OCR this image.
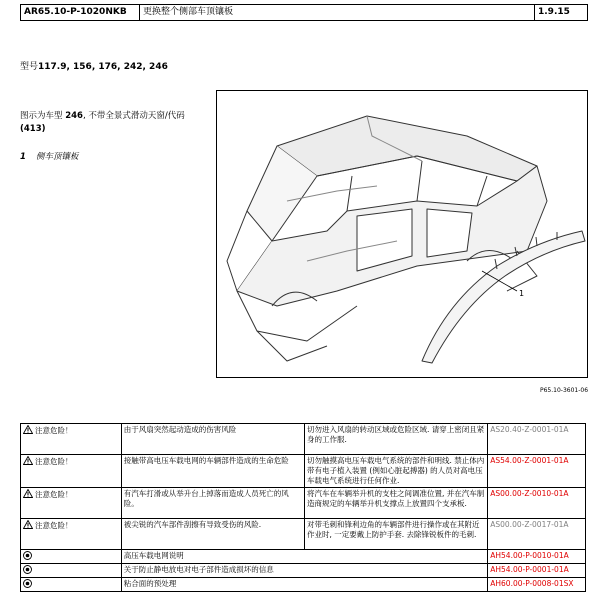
AR65.10-P-1020NKB	更换整个侧部车顶镶板	1.9.15
型号117.9, 156, 176, 242, 246
图示为车型 246, 不带全景式滑动天窗/代码
(413)
1 侧车顶镶板
1
P65.10-3601-06
注意危险！	由于风扇突然起动造成的伤害风险	切勿进入风扇的转动区域或危险区域. 请穿上密闭且紧身的工作服.	AS20.40-Z-0001-01A
注意危险！	接触带高电压车载电网的车辆部件造成的生命危险	切勿触摸高电压车载电气系统的部件和明线. 禁止体内带有电子植入装置 (例如心脏起搏器) 的人员对高电压车载电气系统进行任何作业.	AS54.00-Z-0001-01A
注意危险！	有汽车打滑或从举升台上掉落而造成人员死亡的风险。	将汽车在车辆举升机的支柱之间调准位置, 并在汽车制造商规定的车辆举升机支撑点上放置四个支承板.	AS00.00-Z-0010-01A
注意危险！	被尖锐的汽车部件刮擦有导致受伤的风险.	对带毛刺和锋利边角的车辆部件进行操作或在其附近作业时, 一定要戴上防护手套. 去除锋锐板件的毛刺.	AS00.00-Z-0017-01A
	高压车载电网说明		AH54.00-P-0010-01A
	关于防止静电放电对电子部件造成损坏的信息		AH54.00-P-0001-01A
	粘合面的预处理		AH60.00-P-0008-01SX
